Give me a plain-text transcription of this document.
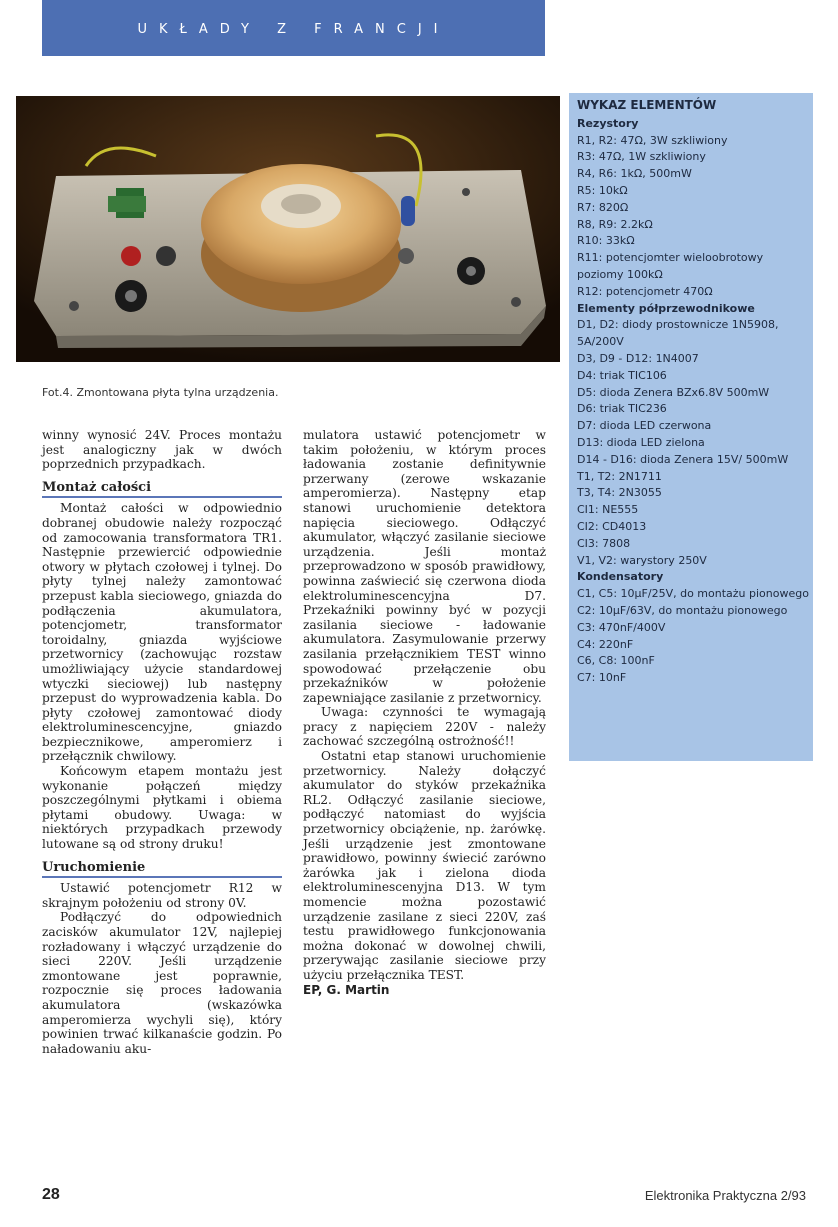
UKŁADY Z FRANCJI
Fot.4. Zmontowana płyta tylna urządzenia.

winny wynosić 24V. Proces montażu jest analogiczny jak w dwóch poprzednich przypadkach.

Montaż całości

Montaż całości w odpowiednio dobranej obudowie należy rozpocząć od zamocowania transformatora TR1. Następnie przewiercić odpowiednie otwory w płytach czołowej i tylnej. Do płyty tylnej należy zamontować przepust kabla sieciowego, gniazda do podłączenia akumulatora, potencjometr, transformator toroidalny, gniazda wyjściowe przetwornicy (zachowując rozstaw umożliwiający użycie standardowej wtyczki sieciowej) lub następny przepust do wyprowadzenia kabla. Do płyty czołowej zamontować diody elektroluminescencyjne, gniazdo bezpiecznikowe, amperomierz i przełącznik chwilowy.

Końcowym etapem montażu jest wykonanie połączeń między poszczególnymi płytkami i obiema płytami obudowy. Uwaga: w niektórych przypadkach przewody lutowane są od strony druku!

Uruchomienie

Ustawić potencjometr R12 w skrajnym położeniu od strony 0V.

Podłączyć do odpowiednich zacisków akumulator 12V, najlepiej rozładowany i włączyć urządzenie do sieci 220V. Jeśli urządzenie zmontowane jest poprawnie, rozpocznie się proces ładowania akumulatora (wskazówka amperomierza wychyli się), który powinien trwać kilkanaście godzin. Po naładowaniu aku-

mulatora ustawić potencjometr w takim położeniu, w którym proces ładowania zostanie definitywnie przerwany (zerowe wskazanie amperomierza). Następny etap stanowi uruchomienie detektora napięcia sieciowego. Odłączyć akumulator, włączyć zasilanie sieciowe urządzenia. Jeśli montaż przeprowadzono w sposób prawidłowy, powinna zaświecić się czerwona dioda elektroluminescencyjna D7. Przekaźniki powinny być w pozycji zasilania sieciowe - ładowanie akumulatora. Zasymulowanie przerwy zasilania przełącznikiem TEST winno spowodować przełączenie obu przekaźników w położenie zapewniające zasilanie z przetwornicy.

Uwaga: czynności te wymagają pracy z napięciem 220V - należy zachować szczególną ostrożność!!

Ostatni etap stanowi uruchomienie przetwornicy. Należy dołączyć akumulator do styków przekaźnika RL2. Odłączyć zasilanie sieciowe, podłączyć natomiast do wyjścia przetwornicy obciążenie, np. żarówkę. Jeśli urządzenie jest zmontowane prawidłowo, powinny świecić zarówno żarówka jak i zielona dioda elektroluminescenyjna D13. W tym momencie można pozostawić urządzenie zasilane z sieci 220V, zaś testu prawidłowego funkcjonowania można dokonać w dowolnej chwili, przerywając zasilanie sieciowe przy użyciu przełącznika TEST.

EP, G. Martin
WYKAZ ELEMENTÓW
Rezystory
R1, R2: 47Ω, 3W szkliwiony
R3: 47Ω, 1W szkliwiony
R4, R6: 1kΩ, 500mW
R5: 10kΩ
R7: 820Ω
R8, R9: 2.2kΩ
R10: 33kΩ
R11: potencjomter wieloobrotowy poziomy 100kΩ
R12: potencjometr 470Ω
Elementy półprzewodnikowe
D1, D2: diody prostownicze 1N5908, 5A/200V
D3, D9 - D12: 1N4007
D4: triak TIC106
D5: dioda Zenera BZx6.8V 500mW
D6: triak TIC236
D7: dioda LED czerwona
D13: dioda LED zielona
D14 - D16: dioda Zenera 15V/ 500mW
T1, T2: 2N1711
T3, T4: 2N3055
CI1: NE555
CI2: CD4013
CI3: 7808
V1, V2: warystory 250V
Kondensatory
C1, C5: 10µF/25V, do montażu pionowego
C2: 10µF/63V, do montażu pionowego
C3: 470nF/400V
C4: 220nF
C6, C8: 100nF
C7: 10nF
28	Elektronika Praktyczna 2/93
